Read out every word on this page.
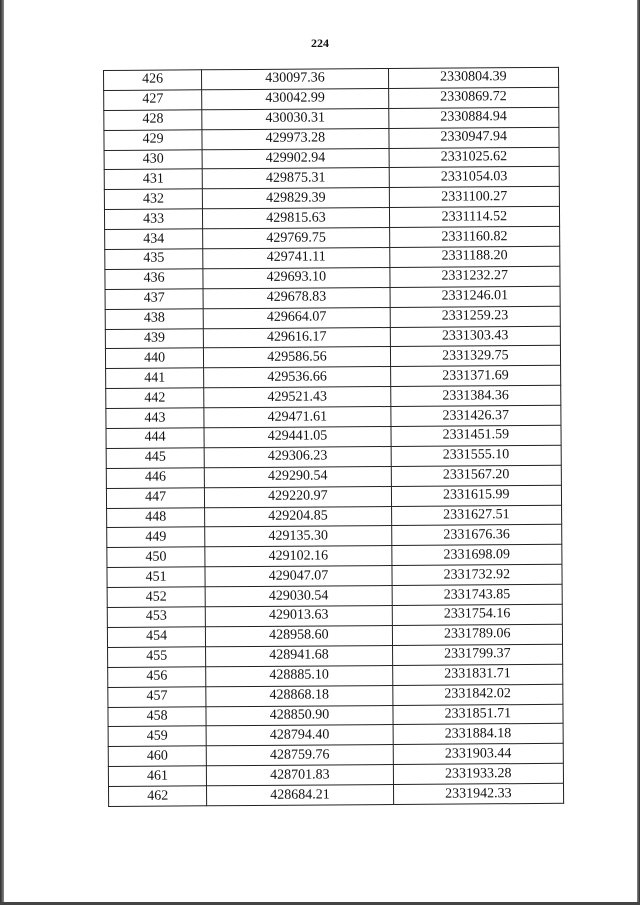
224
426	430097.36	2330804.39
427	430042.99	2330869.72
428	430030.31	2330884.94
429	429973.28	2330947.94
430	429902.94	2331025.62
431	429875.31	2331054.03
432	429829.39	2331100.27
433	429815.63	2331114.52
434	429769.75	2331160.82
435	429741.11	2331188.20
436	429693.10	2331232.27
437	429678.83	2331246.01
438	429664.07	2331259.23
439	429616.17	2331303.43
440	429586.56	2331329.75
441	429536.66	2331371.69
442	429521.43	2331384.36
443	429471.61	2331426.37
444	429441.05	2331451.59
445	429306.23	2331555.10
446	429290.54	2331567.20
447	429220.97	2331615.99
448	429204.85	2331627.51
449	429135.30	2331676.36
450	429102.16	2331698.09
451	429047.07	2331732.92
452	429030.54	2331743.85
453	429013.63	2331754.16
454	428958.60	2331789.06
455	428941.68	2331799.37
456	428885.10	2331831.71
457	428868.18	2331842.02
458	428850.90	2331851.71
459	428794.40	2331884.18
460	428759.76	2331903.44
461	428701.83	2331933.28
462	428684.21	2331942.33
